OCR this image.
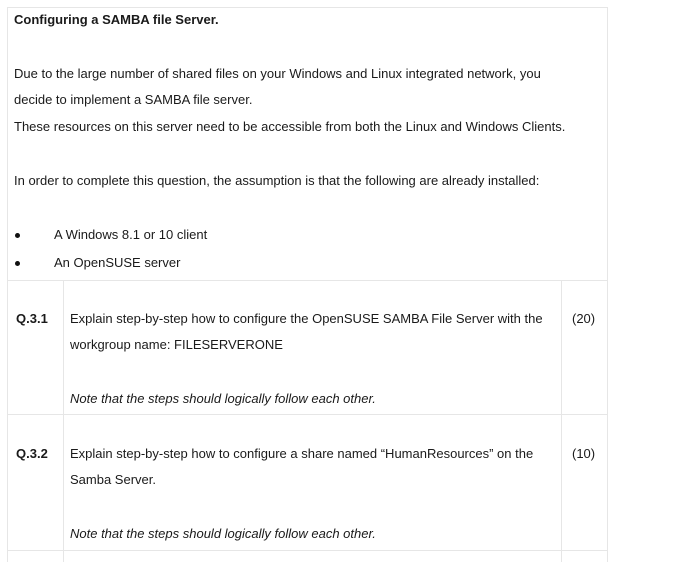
Configuring a SAMBA file Server.
Due to the large number of shared files on your Windows and Linux integrated network, you
decide to implement a SAMBA file server.
These resources on this server need to be accessible from both the Linux and Windows Clients.
In order to complete this question, the assumption is that the following are already installed:
A Windows 8.1 or 10 client
An OpenSUSE server
Q.3.1 Explain step-by-step how to configure the OpenSUSE SAMBA File Server with the
workgroup name: FILESERVERONE
Note that the steps should logically follow each other.
(20)
Q.3.2 Explain step-by-step how to configure a share named “HumanResources” on the
Samba Server.
Note that the steps should logically follow each other.
(10)
